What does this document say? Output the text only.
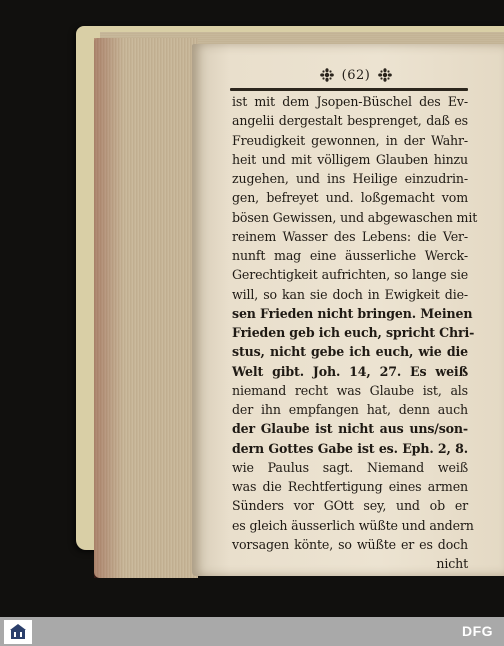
(62)
ist mit dem Jsopen-Büschel des Ev-
angelii dergestalt besprenget, daß es
Freudigkeit gewonnen, in der Wahr-
heit und mit völligem Glauben hinzu
zugehen, und ins Heilige einzudrin-
gen, befreyet und. loßgemacht vom
bösen Gewissen, und abgewaschen mit
reinem Wasser des Lebens: die Ver-
nunft mag eine äusserliche Werck-
Gerechtigkeit aufrichten, so lange sie
will, so kan sie doch in Ewigkeit die-
sen Frieden nicht bringen. Meinen
Frieden geb ich euch, spricht Chri-
stus, nicht gebe ich euch, wie die
Welt gibt. Joh. 14, 27. Es weiß
niemand recht was Glaube ist, als
der ihn empfangen hat, denn auch
der Glaube ist nicht aus uns/son-
dern Gottes Gabe ist es. Eph. 2, 8.
wie Paulus sagt. Niemand weiß
was die Rechtfertigung eines armen
Sünders vor GOtt sey, und ob er
es gleich äusserlich wüßte und andern
vorsagen könte, so wüßte er es doch
nicht
DFG
